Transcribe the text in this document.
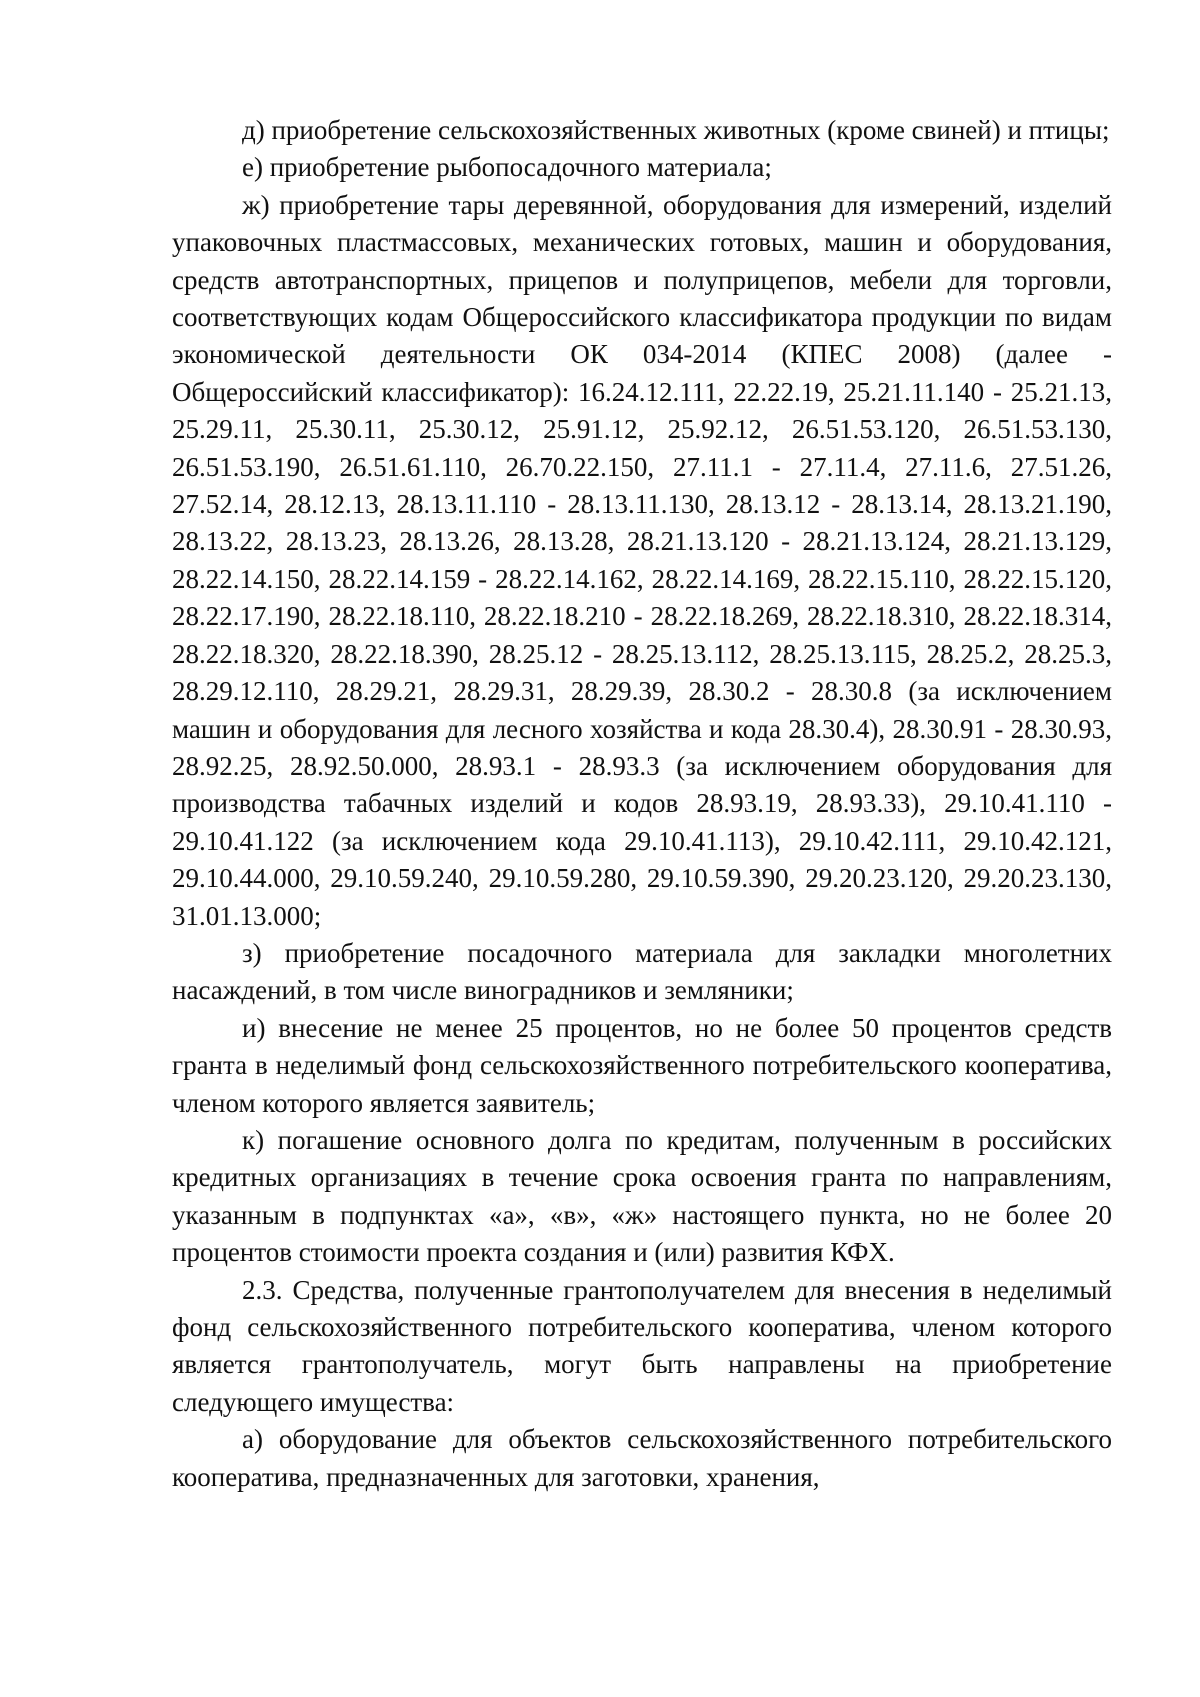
д) приобретение сельскохозяйственных животных (кроме свиней) и птицы;

е) приобретение рыбопосадочного материала;

ж) приобретение тары деревянной, оборудования для измерений, изделий упаковочных пластмассовых, механических готовых, машин и оборудования, средств автотранспортных, прицепов и полуприцепов, мебели для торговли, соответствующих кодам Общероссийского классификатора продукции по видам экономической деятельности ОК 034-2014 (КПЕС 2008) (далее - Общероссийский классификатор): 16.24.12.111, 22.22.19, 25.21.11.140 - 25.21.13, 25.29.11, 25.30.11, 25.30.12, 25.91.12, 25.92.12, 26.51.53.120, 26.51.53.130, 26.51.53.190, 26.51.61.110, 26.70.22.150, 27.11.1 - 27.11.4, 27.11.6, 27.51.26, 27.52.14, 28.12.13, 28.13.11.110 - 28.13.11.130, 28.13.12 - 28.13.14, 28.13.21.190, 28.13.22, 28.13.23, 28.13.26, 28.13.28, 28.21.13.120 - 28.21.13.124, 28.21.13.129, 28.22.14.150, 28.22.14.159 - 28.22.14.162, 28.22.14.169, 28.22.15.110, 28.22.15.120, 28.22.17.190, 28.22.18.110, 28.22.18.210 - 28.22.18.269, 28.22.18.310, 28.22.18.314, 28.22.18.320, 28.22.18.390, 28.25.12 - 28.25.13.112, 28.25.13.115, 28.25.2, 28.25.3, 28.29.12.110, 28.29.21, 28.29.31, 28.29.39, 28.30.2 - 28.30.8 (за исключением машин и оборудования для лесного хозяйства и кода 28.30.4), 28.30.91 - 28.30.93, 28.92.25, 28.92.50.000, 28.93.1 - 28.93.3 (за исключением оборудования для производства табачных изделий и кодов 28.93.19, 28.93.33), 29.10.41.110 - 29.10.41.122 (за исключением кода 29.10.41.113), 29.10.42.111, 29.10.42.121, 29.10.44.000, 29.10.59.240, 29.10.59.280, 29.10.59.390, 29.20.23.120, 29.20.23.130, 31.01.13.000;

з) приобретение посадочного материала для закладки многолетних насаждений, в том числе виноградников и земляники;

и) внесение не менее 25 процентов, но не более 50 процентов средств гранта в неделимый фонд сельскохозяйственного потребительского кооператива, членом которого является заявитель;

к) погашение основного долга по кредитам, полученным в российских кредитных организациях в течение срока освоения гранта по направлениям, указанным в подпунктах «а», «в», «ж» настоящего пункта, но не более 20 процентов стоимости проекта создания и (или) развития КФХ.

2.3. Средства, полученные грантополучателем для внесения в неделимый фонд сельскохозяйственного потребительского кооператива, членом которого является грантополучатель, могут быть направлены на приобретение следующего имущества:

а) оборудование для объектов сельскохозяйственного потребительского кооператива, предназначенных для заготовки, хранения,
